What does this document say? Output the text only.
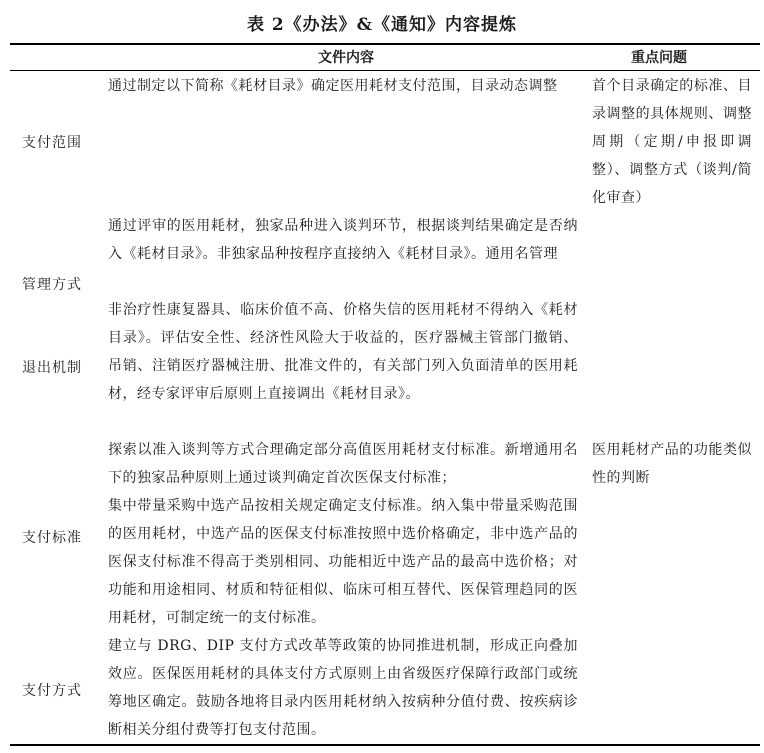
表 2《办法》&《通知》内容提炼
文件内容	重点问题
支付范围
通过制定以下简称《耗材目录》确定医用耗材支付范围，目录动态调整	首个目录确定的标准、目录调整的具体规则、调整周期（定期/申报即调整）、调整方式（谈判/简化审查）
管理方式
通过评审的医用耗材，独家品种进入谈判环节，根据谈判结果确定是否纳入《耗材目录》。非独家品种按程序直接纳入《耗材目录》。通用名管理
退出机制
非治疗性康复器具、临床价值不高、价格失信的医用耗材不得纳入《耗材目录》。评估安全性、经济性风险大于收益的，医疗器械主管部门撤销、吊销、注销医疗器械注册、批准文件的，有关部门列入负面清单的医用耗材，经专家评审后原则上直接调出《耗材目录》。
支付标准

探索以准入谈判等方式合理确定部分高值医用耗材支付标准。新增通用名下的独家品种原则上通过谈判确定首次医保支付标准；

集中带量采购中选产品按相关规定确定支付标准。纳入集中带量采购范围的医用耗材，中选产品的医保支付标准按照中选价格确定，非中选产品的医保支付标准不得高于类别相同、功能相近中选产品的最高中选价格；对功能和用途相同、材质和特征相似、临床可相互替代、医保管理趋同的医用耗材，可制定统一的支付标准。

医用耗材产品的功能类似性的判断
支付方式
建立与 DRG、DIP 支付方式改革等政策的协同推进机制，形成正向叠加效应。医保医用耗材的具体支付方式原则上由省级医疗保障行政部门或统筹地区确定。鼓励各地将目录内医用耗材纳入按病种分值付费、按疾病诊断相关分组付费等打包支付范围。
